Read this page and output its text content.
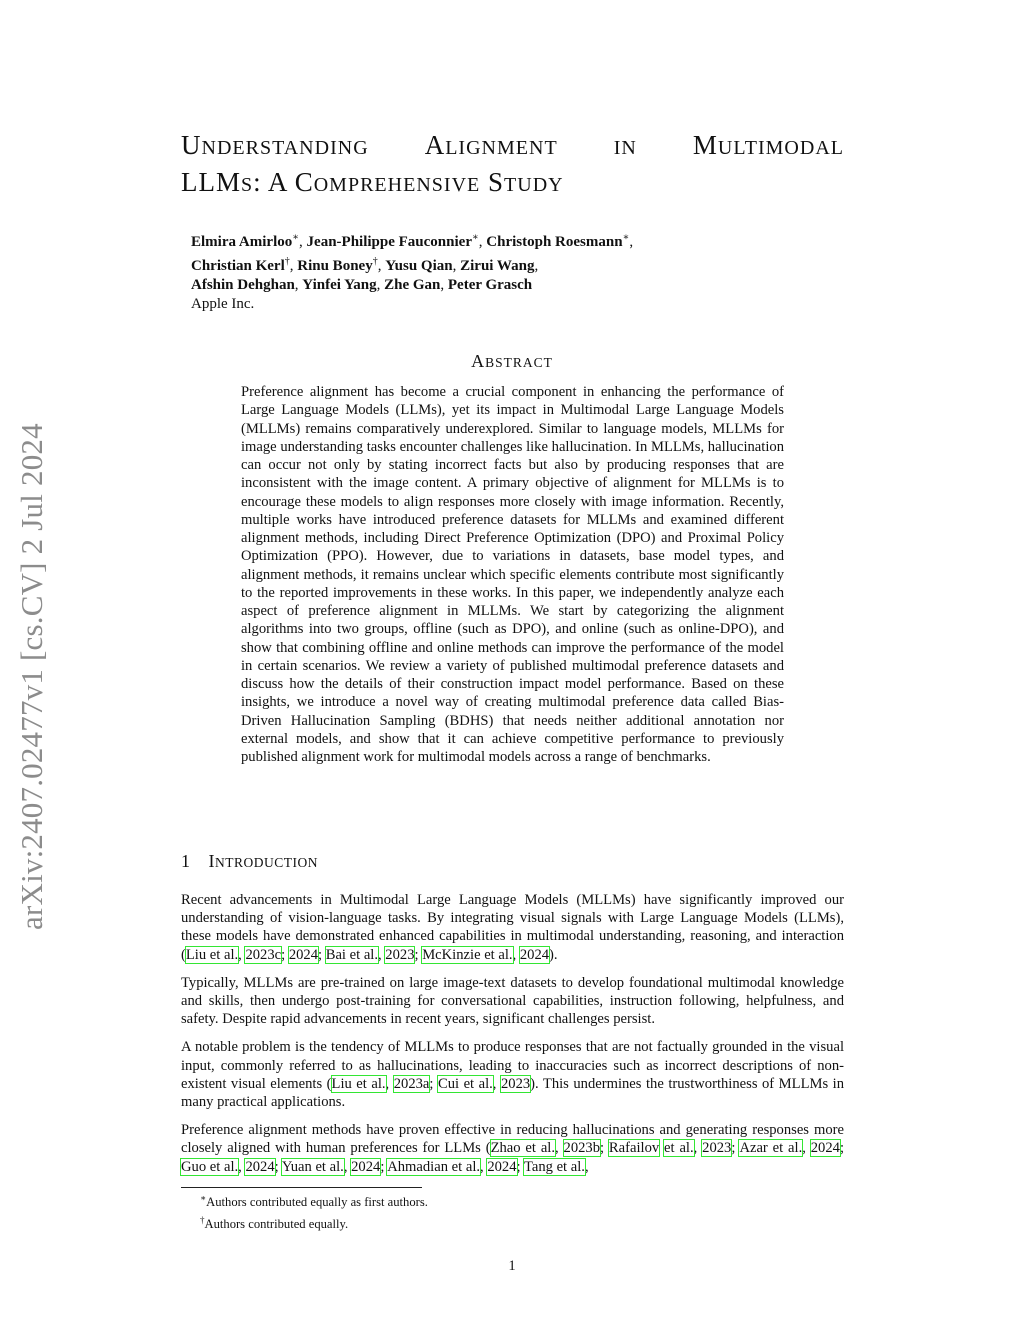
arXiv:2407.02477v1 [cs.CV] 2 Jul 2024
UNDERSTANDING ALIGNMENT	IN MULTIMODAL
LLMS: A COMPREHENSIVE STUDY
Elmira Amirloo∗, Jean-Philippe Fauconnier∗, Christoph Roesmann∗,
Christian Kerl†, Rinu Boney†, Yusu Qian, Zirui Wang,
Afshin Dehghan, Yinfei Yang, Zhe Gan, Peter Grasch
Apple Inc.
ABSTRACT
Preference alignment has become a crucial component in enhancing the performance of Large Language Models (LLMs), yet its impact in Multimodal Large Language Models (MLLMs) remains comparatively underexplored. Similar to language models, MLLMs for image understanding tasks encounter challenges like hallucination. In MLLMs, hallucination can occur not only by stating incorrect facts but also by producing responses that are inconsistent with the image content. A primary objective of alignment for MLLMs is to encourage these models to align responses more closely with image information. Recently, multiple works have introduced preference datasets for MLLMs and examined different alignment methods, including Direct Preference Optimization (DPO) and Proximal Policy Optimization (PPO). However, due to variations in datasets, base model types, and alignment methods, it remains unclear which specific elements contribute most significantly to the reported improvements in these works. In this paper, we independently analyze each aspect of preference alignment in MLLMs. We start by categorizing the alignment algorithms into two groups, offline (such as DPO), and online (such as online-DPO), and show that combining offline and online methods can improve the performance of the model in certain scenarios. We review a variety of published multimodal preference datasets and discuss how the details of their construction impact model performance. Based on these insights, we introduce a novel way of creating multimodal preference data called Bias-Driven Hallucination Sampling (BDHS) that needs neither additional annotation nor external models, and show that it can achieve competitive performance to previously published alignment work for multimodal models across a range of benchmarks.
1 INTRODUCTION

Recent advancements in Multimodal Large Language Models (MLLMs) have significantly improved our understanding of vision-language tasks. By integrating visual signals with Large Language Models (LLMs), these models have demonstrated enhanced capabilities in multimodal understanding, reasoning, and interaction (Liu et al., 2023c; 2024; Bai et al., 2023; McKinzie et al., 2024).

Typically, MLLMs are pre-trained on large image-text datasets to develop foundational multimodal knowledge and skills, then undergo post-training for conversational capabilities, instruction following, helpfulness, and safety. Despite rapid advancements in recent years, significant challenges persist.

A notable problem is the tendency of MLLMs to produce responses that are not factually grounded in the visual input, commonly referred to as hallucinations, leading to inaccuracies such as incorrect descriptions of non-existent visual elements (Liu et al., 2023a; Cui et al., 2023). This undermines the trustworthiness of MLLMs in many practical applications.

Preference alignment methods have proven effective in reducing hallucinations and generating responses more closely aligned with human preferences for LLMs (Zhao et al., 2023b; Rafailov et al., 2023; Azar et al., 2024; Guo et al., 2024; Yuan et al., 2024; Ahmadian et al., 2024; Tang et al.,

∗Authors contributed equally as first authors.
†Authors contributed equally.
1
